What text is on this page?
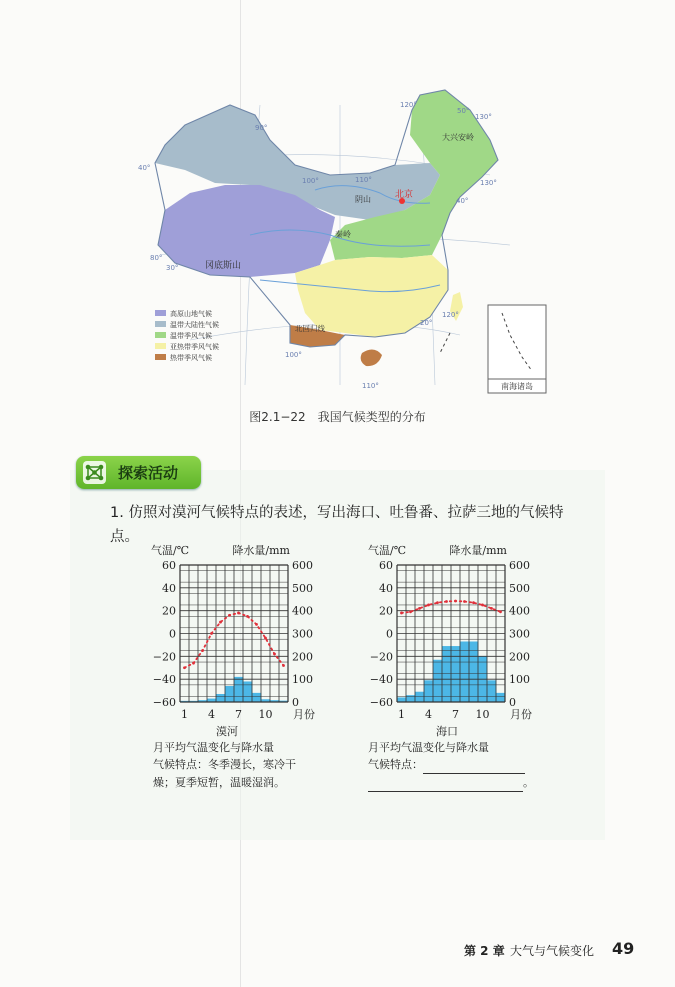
南海诸岛
北京
阴山
秦岭
冈底斯山
大兴安岭
北回归线
120°
50°
130°
90°
40°
110°	130°
100°
40°
80°
30°
120°
20°
100°
110°
高原山地气候
温带大陆性气候
温带季风气候
亚热带季风气候
热带季风气候
图2.1−22　我国气候类型的分布
探索活动
1. 仿照对漠河气候特点的表述，写出海口、吐鲁番、拉萨三地的气候特点。
气温/℃	降水量/mm
60
40
20
0
−20
−40
−60
600
500
400
300
200
100
0
1 4 7 10 月份
漠河
月平均气温变化与降水量
气候特点：冬季漫长，寒冷干燥；夏季短暂，温暖湿润。
气温/℃	降水量/mm
60
40
20
0
−20
−40
−60
600
500
400
300
200
100
0
1 4 7 10 月份
海口
月平均气温变化与降水量
气候特点：
。
第 2 章 大气与气候变化 49
